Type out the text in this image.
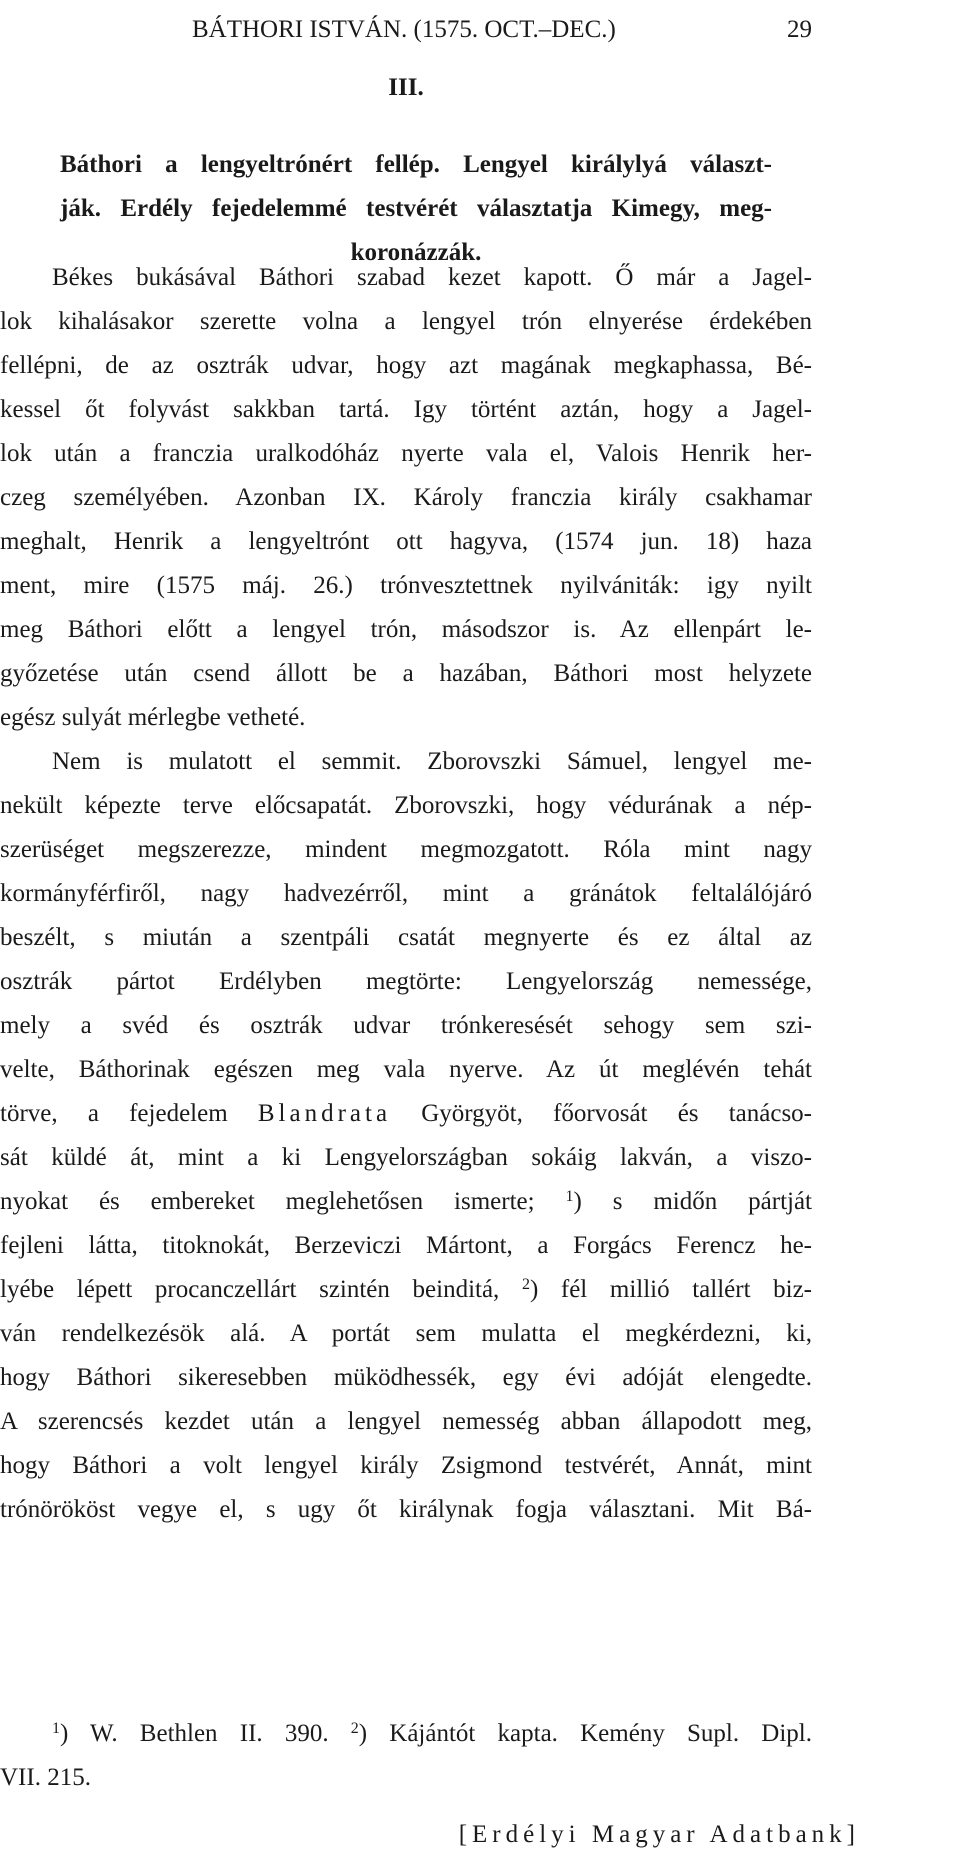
BÁTHORI ISTVÁN. (1575. OCT.–DEC.)	29
III.
Báthori a lengyeltrónért fellép. Lengyel királylyá választ-
ják. Erdély fejedelemmé testvérét választatja Kimegy, meg-
koronázzák.
Békes bukásával Báthori szabad kezet kapott. Ő már a Jagel-
lok kihalásakor szerette volna a lengyel trón elnyerése érdekében
fellépni, de az osztrák udvar, hogy azt magának megkaphassa, Bé-
kessel őt folyvást sakkban tartá. Igy történt aztán, hogy a Jagel-
lok után a franczia uralkodóház nyerte vala el, Valois Henrik her-
czeg személyében. Azonban IX. Károly franczia király csakhamar
meghalt, Henrik a lengyeltrónt ott hagyva, (1574 jun. 18) haza
ment, mire (1575 máj. 26.) trónvesztettnek nyilvániták: igy nyilt
meg Báthori előtt a lengyel trón, másodszor is. Az ellenpárt le-
győzetése után csend állott be a hazában, Báthori most helyzete
egész sulyát mérlegbe vetheté.
Nem is mulatott el semmit. Zborovszki Sámuel, lengyel me-
nekült képezte terve előcsapatát. Zborovszki, hogy védurának a nép-
szerüséget megszerezze, mindent megmozgatott. Róla mint nagy
kormányférfiről, nagy hadvezérről, mint a gránátok feltalálójáró
beszélt, s miután a szentpáli csatát megnyerte és ez által az
osztrák pártot Erdélyben megtörte: Lengyelország nemessége,
mely a svéd és osztrák udvar trónkeresését sehogy sem szi-
velte, Báthorinak egészen meg vala nyerve. Az út meglévén tehát
törve, a fejedelem Blandrata Györgyöt, főorvosát és tanácso-
sát küldé át, mint a ki Lengyelországban sokáig lakván, a viszo-
nyokat és embereket meglehetősen ismerte; $^1$) s midőn pártját
fejleni látta, titoknokát, Berzeviczi Mártont, a Forgács Ferencz he-
lyébe lépett procanczellárt szintén beinditá, $^2$) fél millió tallért biz-
ván rendelkezésök alá. A portát sem mulatta el megkérdezni, ki,
hogy Báthori sikeresebben müködhessék, egy évi adóját elengedte.
A szerencsés kezdet után a lengyel nemesség abban állapodott meg,
hogy Báthori a volt lengyel király Zsigmond testvérét, Annát, mint
trónörököst vegye el, s ugy őt királynak fogja választani. Mit Bá-
$^1$) W. Bethlen II. 390. $^2$) Kájántót kapta. Kemény Supl. Dipl.
VII. 215.
[Erdélyi Magyar Adatbank]
